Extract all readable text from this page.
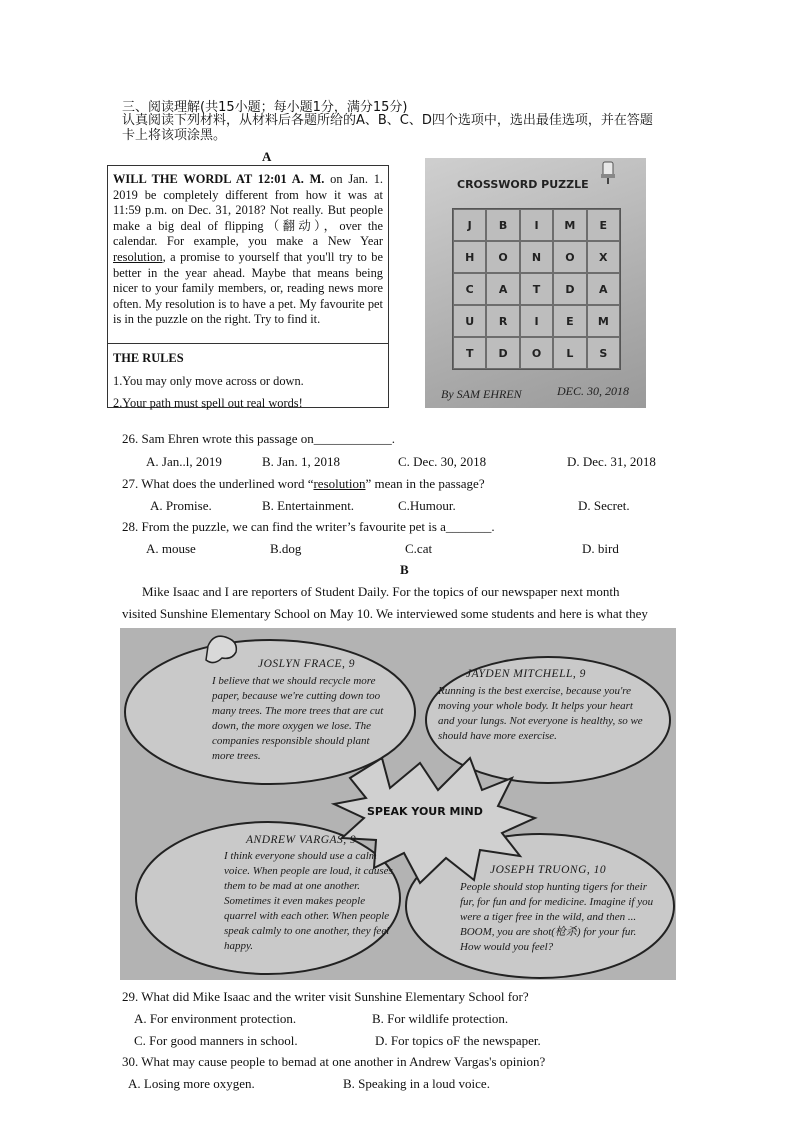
三、阅读理解(共15小题；每小题1分，满分15分)
认真阅读下列材料，从材料后各题所给的A、B、C、D四个选项中，选出最佳选项，并在答题卡上将该项涂黑。
A
WILL THE WORDL AT 12:01 A. M. on Jan. 1. 2019 be completely different from how it was at 11:59 p.m. on Dec. 31, 2018? Not really. But people make a big deal of flipping（翻动），over the calendar. For example, you make a New Year resolution, a promise to yourself that you'll try to be better in the year ahead. Maybe that means being nicer to your family members, or, reading news more often. My resolution is to have a pet. My favourite pet is in the puzzle on the right. Try to find it.
THE RULES
1.You may only move across or down.
2.Your path must spell out real words!
CROSSWORD PUZZLE
J	B	I	M	E
H	O	N	O	X
C	A	T	D	A
U	R	I	E	M
T	D	O	L	S
By SAM EHREN	DEC. 30, 2018
26. Sam Ehren wrote this passage on____________.
A. Jan..l, 2019	B. Jan. 1, 2018	C. Dec. 30, 2018	D. Dec. 31, 2018
27. What does the underlined word “resolution” mean in the passage?
A. Promise.	B. Entertainment.	C.Humour.	D. Secret.
28. From the puzzle, we can find the writer’s favourite pet is a_______.
A. mouse	B.dog	C.cat	D. bird
B
Mike Isaac and I are reporters of Student Daily. For the topics of our newspaper next month
visited Sunshine Elementary School on May 10. We interviewed some students and here is what they
JOSLYN FRACE, 9
I believe that we should recycle more paper, because we're cutting down too many trees. The more trees that are cut down, the more oxygen we lose. The companies responsible should plant more trees.
JAYDEN MITCHELL, 9
Running is the best exercise, because you're moving your whole body. It helps your heart and your lungs. Not everyone is healthy, so we should have more exercise.
SPEAK YOUR MIND
ANDREW VARGAS, 9
I think everyone should use a calm voice. When people are loud, it causes them to be mad at one another. Sometimes it even makes people quarrel with each other. When people speak calmly to one another, they feel happy.
JOSEPH TRUONG, 10
People should stop hunting tigers for their fur, for fun and for medicine. Imagine if you were a tiger free in the wild, and then ... BOOM, you are shot(枪杀) for your fur. How would you feel?
29. What did Mike Isaac and the writer visit Sunshine Elementary School for?
A. For environment protection.	B. For wildlife protection.
C. For good manners in school.	D. For topics oF the newspaper.
30. What may cause people to bemad at one another in Andrew Vargas's opinion?
A. Losing more oxygen.	B. Speaking in a loud voice.
